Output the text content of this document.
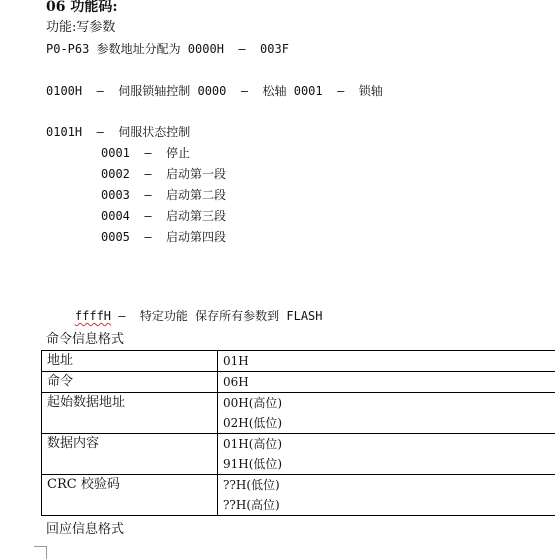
06 功能码:
功能:写参数
P0-P63 参数地址分配为 0000H  –  003F
0100H  –  伺服锁轴控制 0000  –  松轴 0001  –  锁轴
0101H  –  伺服状态控制
0001  –  停止
0002  –  启动第一段
0003  –  启动第二段
0004  –  启动第三段
0005  –  启动第四段

ffffH –  特定功能 保存所有参数到 FLASH

命令信息格式
地址	01H

命令	06H

起始数据地址	00H(高位)
02H(低位)

数据内容	01H(高位)
91H(低位)

CRC 校验码	??H(低位)
??H(高位)
回应信息格式
